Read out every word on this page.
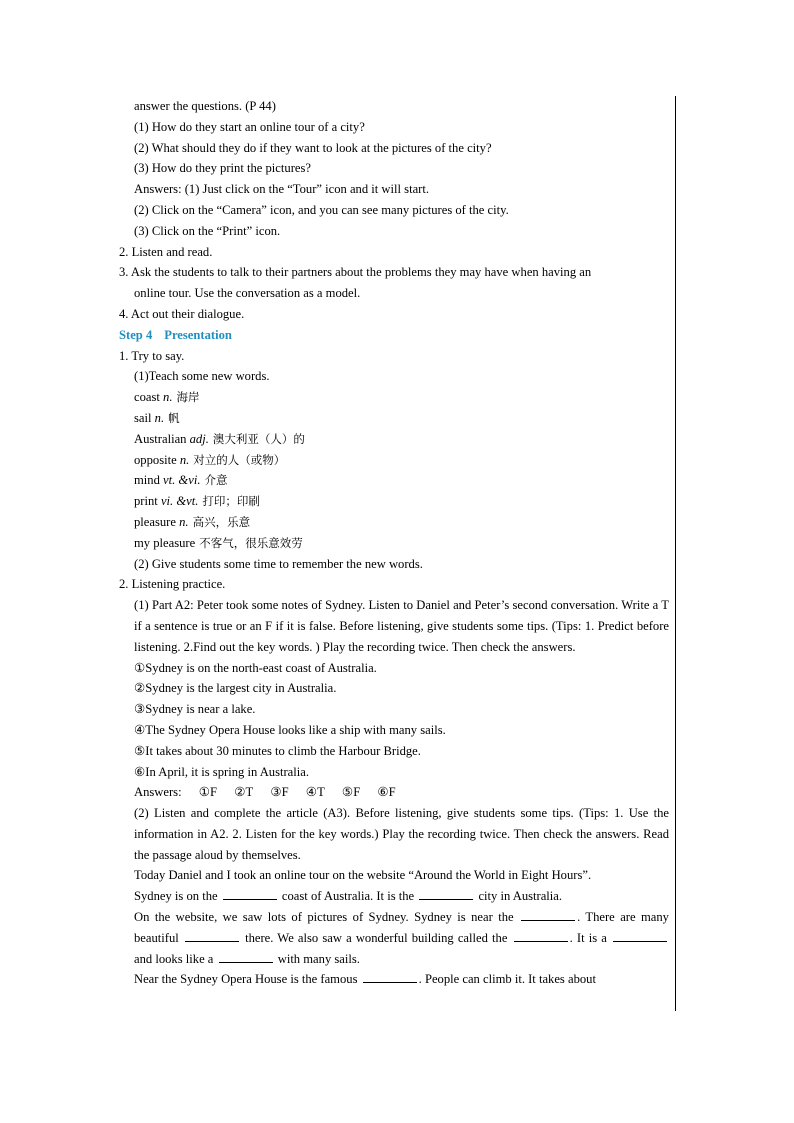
answer the questions. (P 44)
(1) How do they start an online tour of a city?
(2) What should they do if they want to look at the pictures of the city?
(3) How do they print the pictures?
Answers: (1) Just click on the “Tour” icon and it will start.
(2) Click on the “Camera” icon, and you can see many pictures of the city.
(3) Click on the “Print” icon.
2. Listen and read.
3. Ask the students to talk to their partners about the problems they may have when having an
online tour. Use the conversation as a model.
4. Act out their dialogue.
Step 4 Presentation
1. Try to say.
(1)Teach some new words.
coast n. 海岸
sail n. 帆
Australian adj. 澳大利亚（人）的
opposite n. 对立的人（或物）
mind vt. &vi. 介意
print vi. &vt. 打印；印刷
pleasure n. 高兴，乐意
my pleasure 不客气，很乐意效劳
(2) Give students some time to remember the new words.
2. Listening practice.
(1) Part A2: Peter took some notes of Sydney. Listen to Daniel and Peter’s second conversation. Write a T if a sentence is true or an F if it is false. Before listening, give students some tips. (Tips: 1. Predict before listening. 2.Find out the key words. ) Play the recording twice. Then check the answers.
①Sydney is on the north-east coast of Australia.
②Sydney is the largest city in Australia.
③Sydney is near a lake.
④The Sydney Opera House looks like a ship with many sails.
⑤It takes about 30 minutes to climb the Harbour Bridge.
⑥In April, it is spring in Australia.
Answers: ①F ②T ③F ④T ⑤F ⑥F
(2) Listen and complete the article (A3). Before listening, give students some tips. (Tips: 1. Use the information in A2. 2. Listen for the key words.) Play the recording twice. Then check the answers. Read the passage aloud by themselves.
Today Daniel and I took an online tour on the website “Around the World in Eight Hours”.
Sydney is on the	coast of Australia. It is the	city in Australia.
On the website, we saw lots of pictures of Sydney. Sydney is near the	. There are many beautiful	there. We also saw a wonderful building called the	. It is a  and looks like a	with many sails.
Near the Sydney Opera House is the famous	. People can climb it. It takes about
